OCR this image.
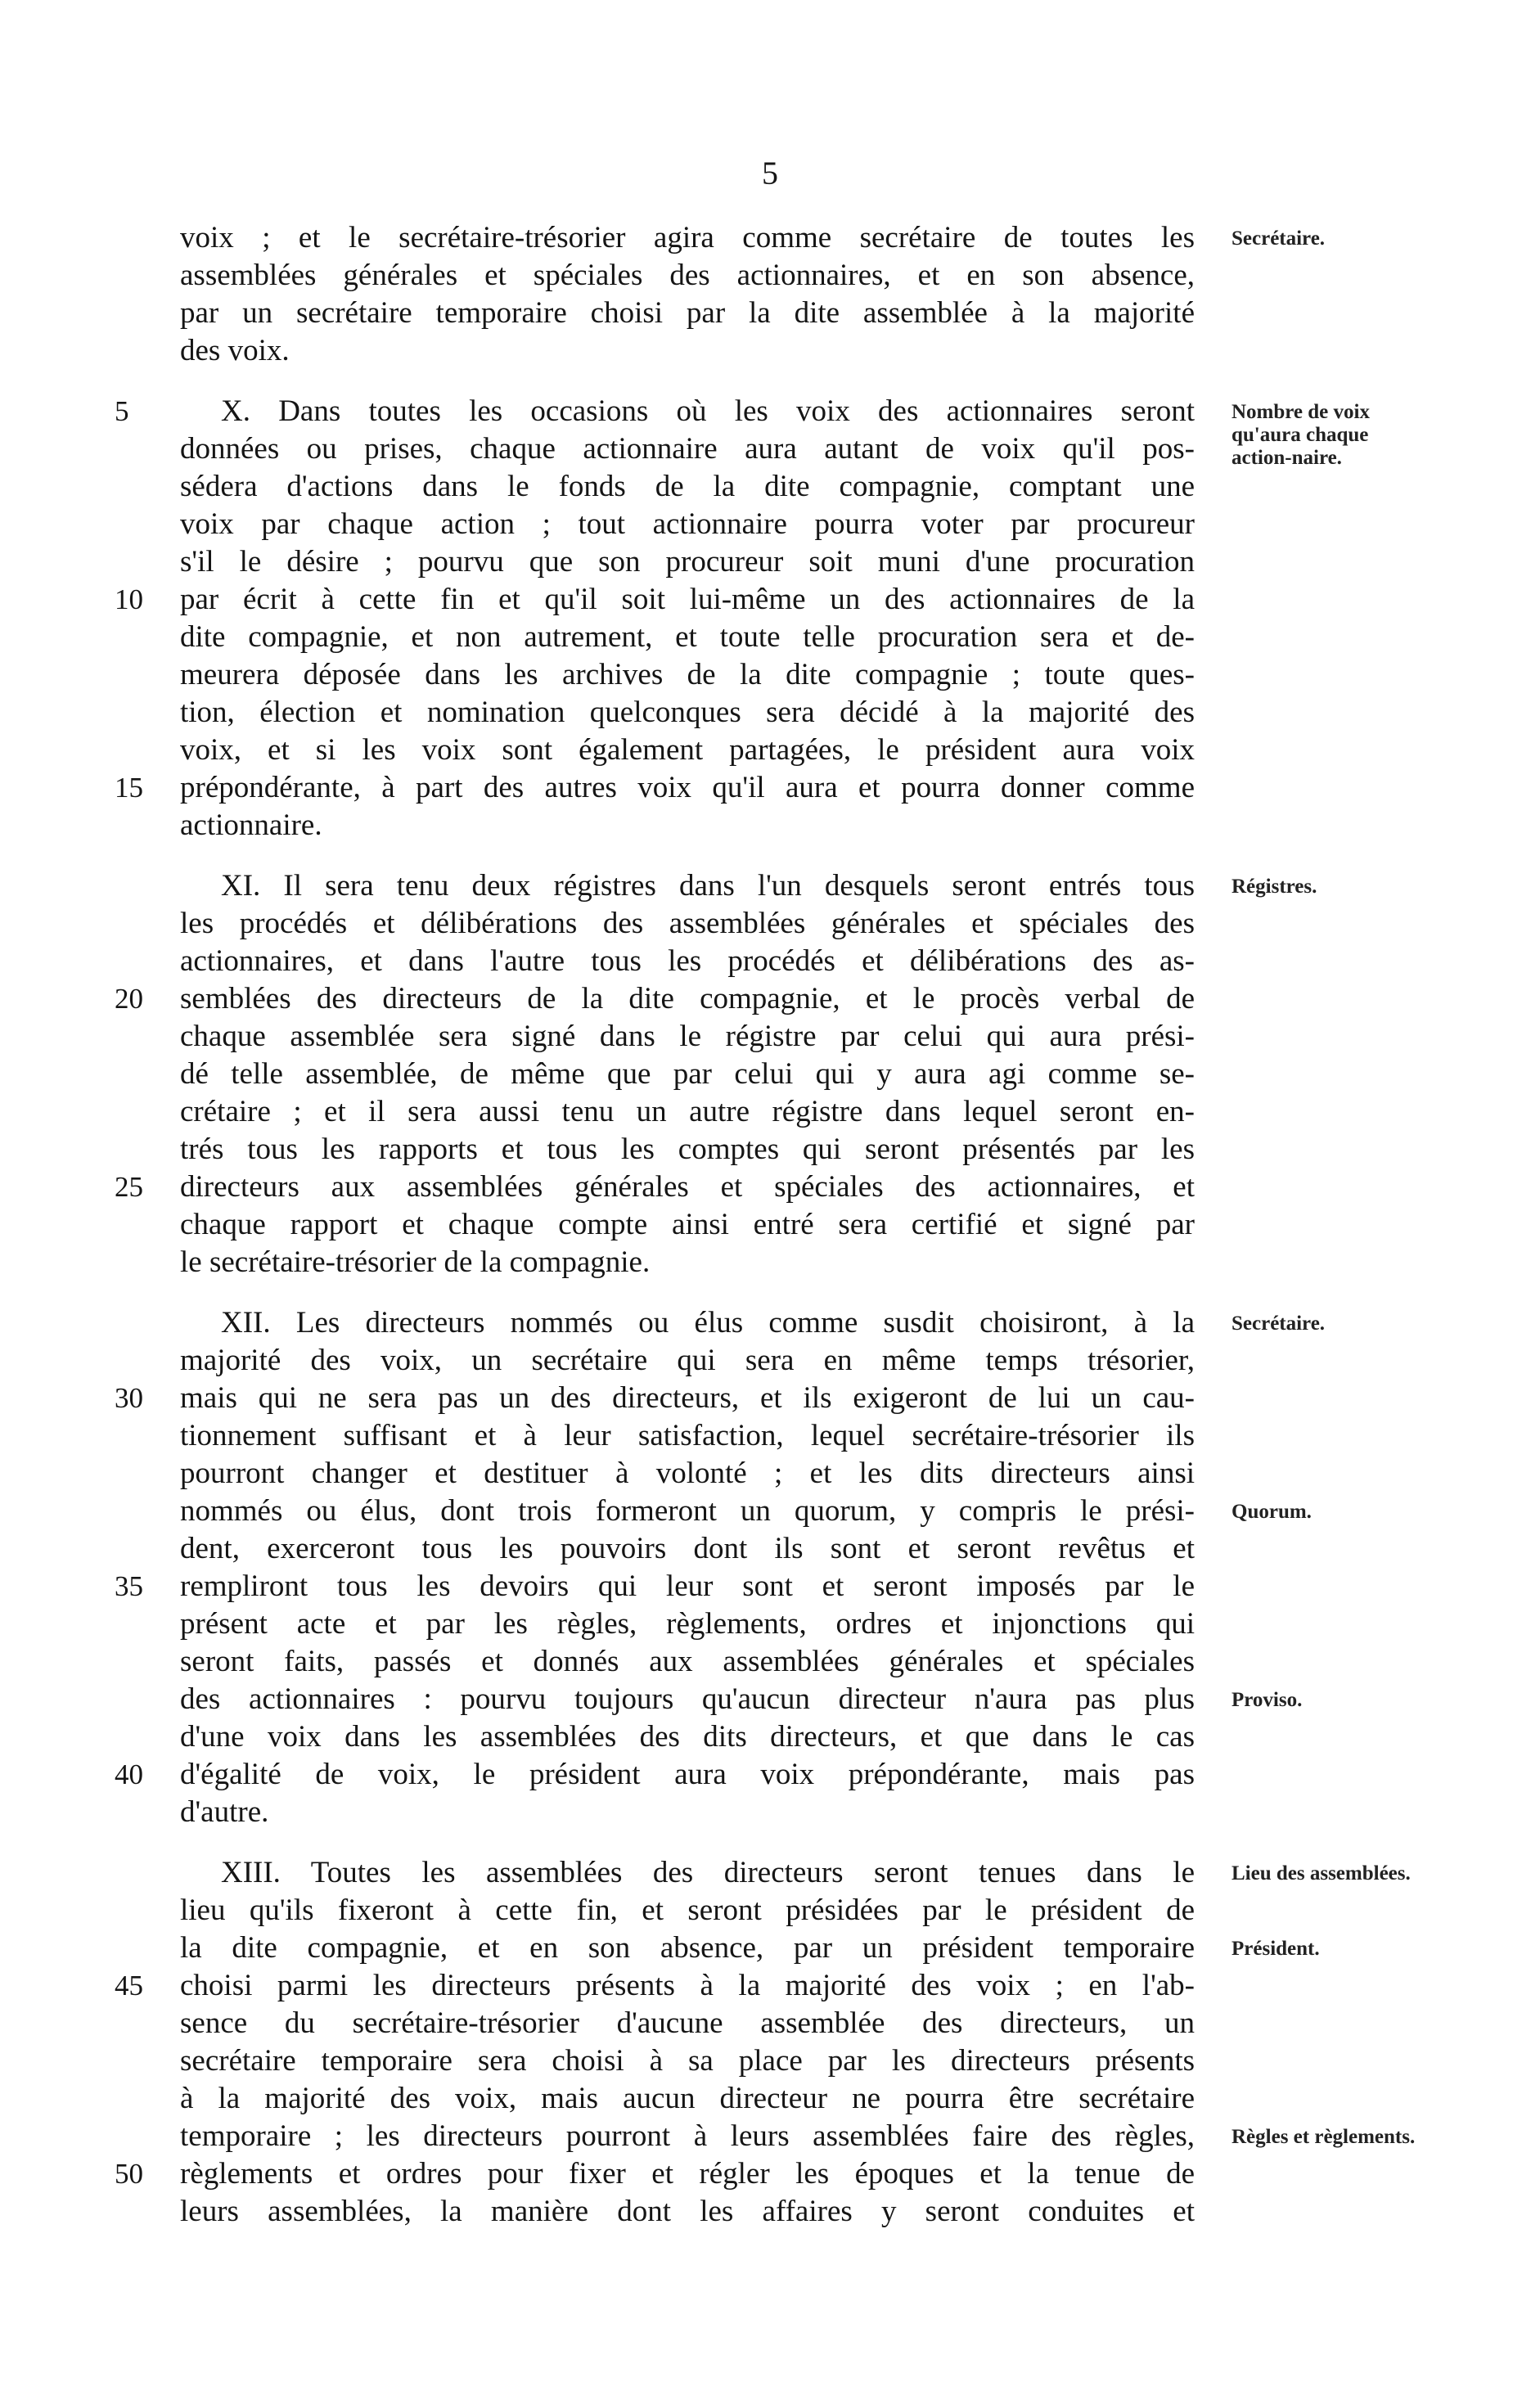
5
voix ; et le secrétaire-trésorier agira comme secrétaire de toutes les
assemblées générales et spéciales des actionnaires, et en son absence,
par un secrétaire temporaire choisi par la dite assemblée à la majorité
des voix.
Secrétaire.
X. Dans toutes les occasions où les voix des actionnaires seront
données ou prises, chaque actionnaire aura autant de voix qu'il pos-
sédera d'actions dans le fonds de la dite compagnie, comptant une
voix par chaque action ; tout actionnaire pourra voter par procureur
s'il le désire ; pourvu que son procureur soit muni d'une procuration
par écrit à cette fin et qu'il soit lui-même un des actionnaires de la
dite compagnie, et non autrement, et toute telle procuration sera et de-
meurera déposée dans les archives de la dite compagnie ; toute ques-
tion, élection et nomination quelconques sera décidé à la majorité des
voix, et si les voix sont également partagées, le président aura voix
prépondérante, à part des autres voix qu'il aura et pourra donner comme
actionnaire.
5
10
15
Nombre de voix qu'aura chaque action-naire.
XI. Il sera tenu deux régistres dans l'un desquels seront entrés tous
les procédés et délibérations des assemblées générales et spéciales des
actionnaires, et dans l'autre tous les procédés et délibérations des as-
semblées des directeurs de la dite compagnie, et le procès verbal de
chaque assemblée sera signé dans le régistre par celui qui aura prési-
dé telle assemblée, de même que par celui qui y aura agi comme se-
crétaire ; et il sera aussi tenu un autre régistre dans lequel seront en-
trés tous les rapports et tous les comptes qui seront présentés par les
directeurs aux assemblées générales et spéciales des actionnaires, et
chaque rapport et chaque compte ainsi entré sera certifié et signé par
le secrétaire-trésorier de la compagnie.
20
25
Régistres.
XII. Les directeurs nommés ou élus comme susdit choisiront, à la
majorité des voix, un secrétaire qui sera en même temps trésorier,
mais qui ne sera pas un des directeurs, et ils exigeront de lui un cau-
tionnement suffisant et à leur satisfaction, lequel secrétaire-trésorier ils
pourront changer et destituer à volonté ; et les dits directeurs ainsi
nommés ou élus, dont trois formeront un quorum, y compris le prési-
dent, exerceront tous les pouvoirs dont ils sont et seront revêtus et
rempliront tous les devoirs qui leur sont et seront imposés par le
présent acte et par les règles, règlements, ordres et injonctions qui
seront faits, passés et donnés aux assemblées générales et spéciales
des actionnaires : pourvu toujours qu'aucun directeur n'aura pas plus
d'une voix dans les assemblées des dits directeurs, et que dans le cas
d'égalité de voix, le président aura voix prépondérante, mais pas
d'autre.
30
35
40
Secrétaire.
Quorum.
Proviso.
XIII. Toutes les assemblées des directeurs seront tenues dans le
lieu qu'ils fixeront à cette fin, et seront présidées par le président de
la dite compagnie, et en son absence, par un président temporaire
choisi parmi les directeurs présents à la majorité des voix ; en l'ab-
sence du secrétaire-trésorier d'aucune assemblée des directeurs, un
secrétaire temporaire sera choisi à sa place par les directeurs présents
à la majorité des voix, mais aucun directeur ne pourra être secrétaire
45
Lieu des assemblées.
Président.
temporaire ; les directeurs pourront à leurs assemblées faire des règles,
règlements et ordres pour fixer et régler les époques et la tenue de
leurs assemblées, la manière dont les affaires y seront conduites et
50
Règles et règlements.
